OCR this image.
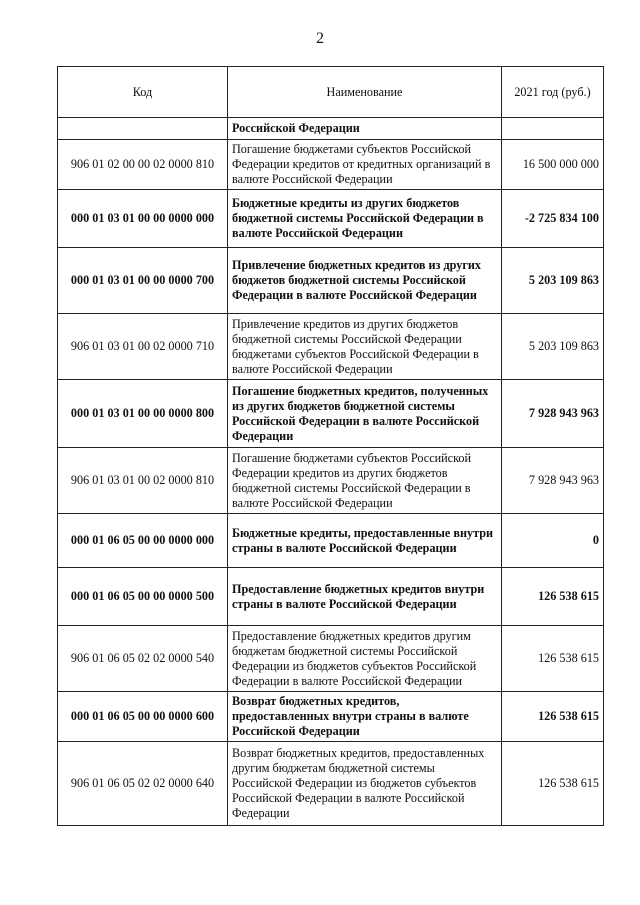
2
Код	Наименование	2021 год (руб.)
	Российской Федерации	
906 01 02 00 00 02 0000 810	Погашение бюджетами субъектов Российской Федерации кредитов от кредитных организаций в валюте Российской Федерации	16 500 000 000
000 01 03 01 00 00 0000 000	Бюджетные кредиты из других бюджетов бюджетной системы Российской Федерации в валюте Российской Федерации	-2 725 834 100
000 01 03 01 00 00 0000 700	Привлечение бюджетных кредитов из других бюджетов бюджетной системы Российской Федерации в валюте Российской Федерации	5 203 109 863
906 01 03 01 00 02 0000 710	Привлечение кредитов из других бюджетов бюджетной системы Российской Федерации бюджетами субъектов Российской Федерации в валюте Российской Федерации	5 203 109 863
000 01 03 01 00 00 0000 800	Погашение бюджетных кредитов, полученных из других бюджетов бюджетной системы Российской Федерации в валюте Российской Федерации	7 928 943 963
906 01 03 01 00 02 0000 810	Погашение бюджетами субъектов Российской Федерации кредитов из других бюджетов бюджетной системы Российской Федерации в валюте Российской Федерации	7 928 943 963
000 01 06 05 00 00 0000 000	Бюджетные кредиты, предоставленные внутри страны в валюте Российской Федерации	0
000 01 06 05 00 00 0000 500	Предоставление бюджетных кредитов внутри страны в валюте Российской Федерации	126 538 615
906 01 06 05 02 02 0000 540	Предоставление бюджетных кредитов другим бюджетам бюджетной системы Российской Федерации из бюджетов субъектов Российской Федерации в валюте Российской Федерации	126 538 615
000 01 06 05 00 00 0000 600	Возврат бюджетных кредитов, предоставленных внутри страны в валюте Российской Федерации	126 538 615
906 01 06 05 02 02 0000 640	Возврат бюджетных кредитов, предоставленных другим бюджетам бюджетной системы Российской Федерации из бюджетов субъектов Российской Федерации в валюте Российской Федерации	126 538 615
